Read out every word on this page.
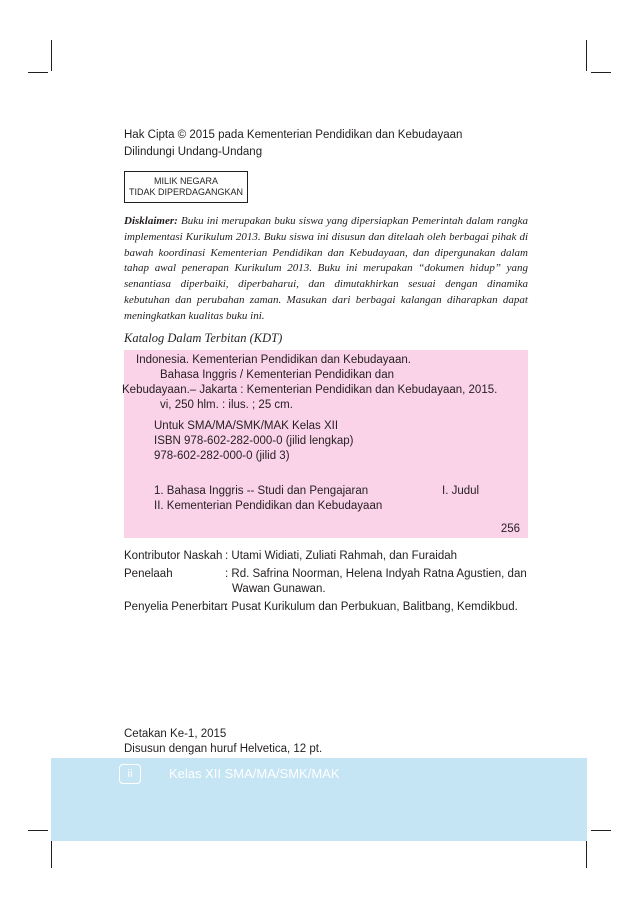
Hak Cipta © 2015 pada Kementerian Pendidikan dan Kebudayaan
Dilindungi Undang-Undang
MILIK NEGARA
TIDAK DIPERDAGANGKAN
Disklaimer: Buku ini merupakan buku siswa yang dipersiapkan Pemerintah dalam rangka implementasi Kurikulum 2013. Buku siswa ini disusun dan ditelaah oleh berbagai pihak di bawah koordinasi Kementerian Pendidikan dan Kebudayaan, dan dipergunakan dalam tahap awal penerapan Kurikulum 2013. Buku ini merupakan “dokumen hidup” yang senantiasa diperbaiki, diperbaharui, dan dimutakhirkan sesuai dengan dinamika kebutuhan dan perubahan zaman. Masukan dari berbagai kalangan diharapkan dapat meningkatkan kualitas buku ini.
Katalog Dalam Terbitan (KDT)
Indonesia. Kementerian Pendidikan dan Kebudayaan.
Bahasa Inggris / Kementerian Pendidikan dan
Kebudayaan.– Jakarta : Kementerian Pendidikan dan Kebudayaan, 2015.
vi, 250 hlm. : ilus. ; 25 cm.
Untuk SMA/MA/SMK/MAK Kelas XII
ISBN 978-602-282-000-0 (jilid lengkap)
978-602-282-000-0 (jilid 3)
1. Bahasa Inggris -- Studi dan Pengajaran	I. Judul
II. Kementerian Pendidikan dan Kebudayaan
256
Kontributor Naskah : Utami Widiati, Zuliati Rahmah, dan Furaidah
Penelaah	: Rd. Safrina Noorman, Helena Indyah Ratna Agustien, dan
Wawan Gunawan.
Penyelia Penerbitan
: Pusat Kurikulum dan Perbukuan, Balitbang, Kemdikbud.
Cetakan Ke-1, 2015
Disusun dengan huruf Helvetica, 12 pt.
ii	Kelas XII SMA/MA/SMK/MAK
